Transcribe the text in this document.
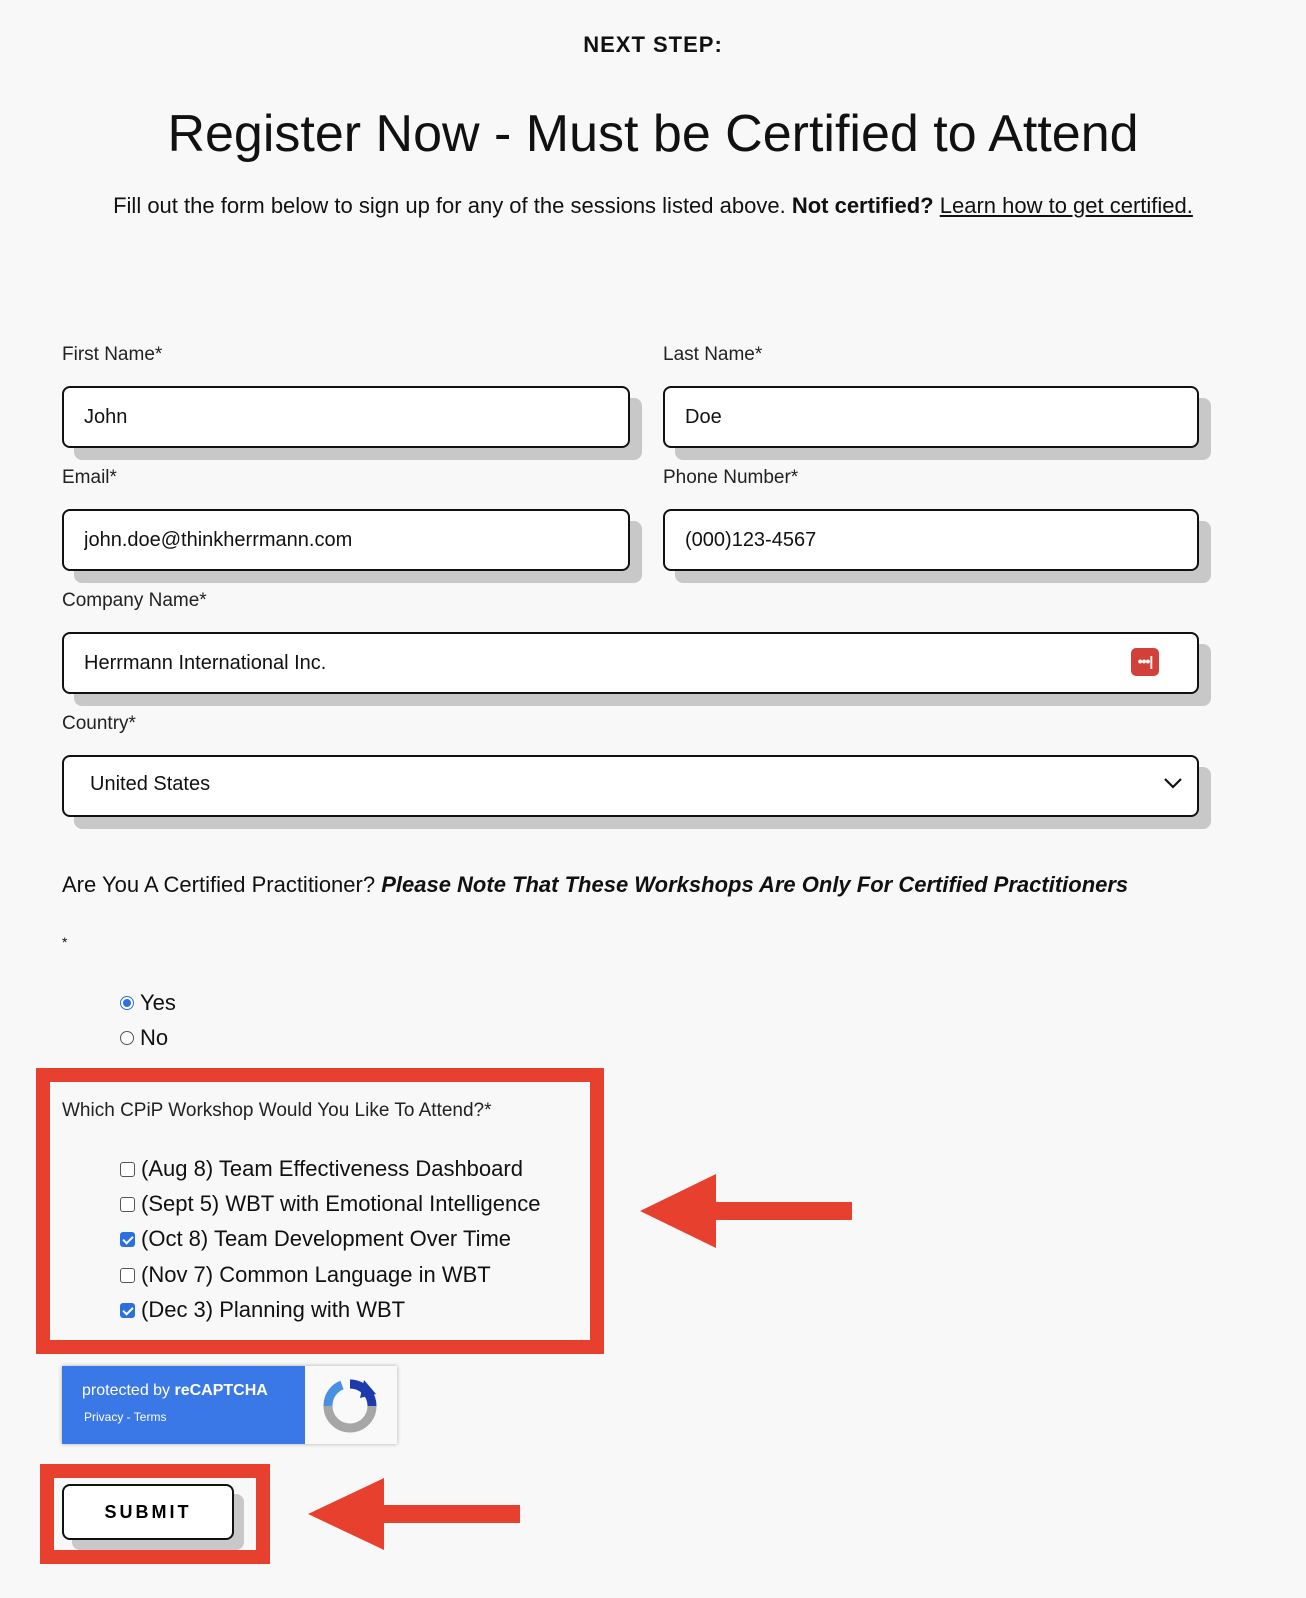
NEXT STEP:
Register Now - Must be Certified to Attend
Fill out the form below to sign up for any of the sessions listed above. Not certified? Learn how to get certified.
First Name*
John	Last Name*
Doe
Email*
john.doe@thinkherrmann.com	Phone Number*
(000)123-4567
Company Name*
Herrmann International Inc.
•••|
Country*
United States
Are You A Certified Practitioner? Please Note That These Workshops Are Only For Certified Practitioners
*
Yes
No
Which CPiP Workshop Would You Like To Attend?*
(Aug 8) Team Effectiveness Dashboard
(Sept 5) WBT with Emotional Intelligence
(Oct 8) Team Development Over Time
(Nov 7) Common Language in WBT
(Dec 3) Planning with WBT
protected by reCAPTCHA
Privacy - Terms
SUBMIT
